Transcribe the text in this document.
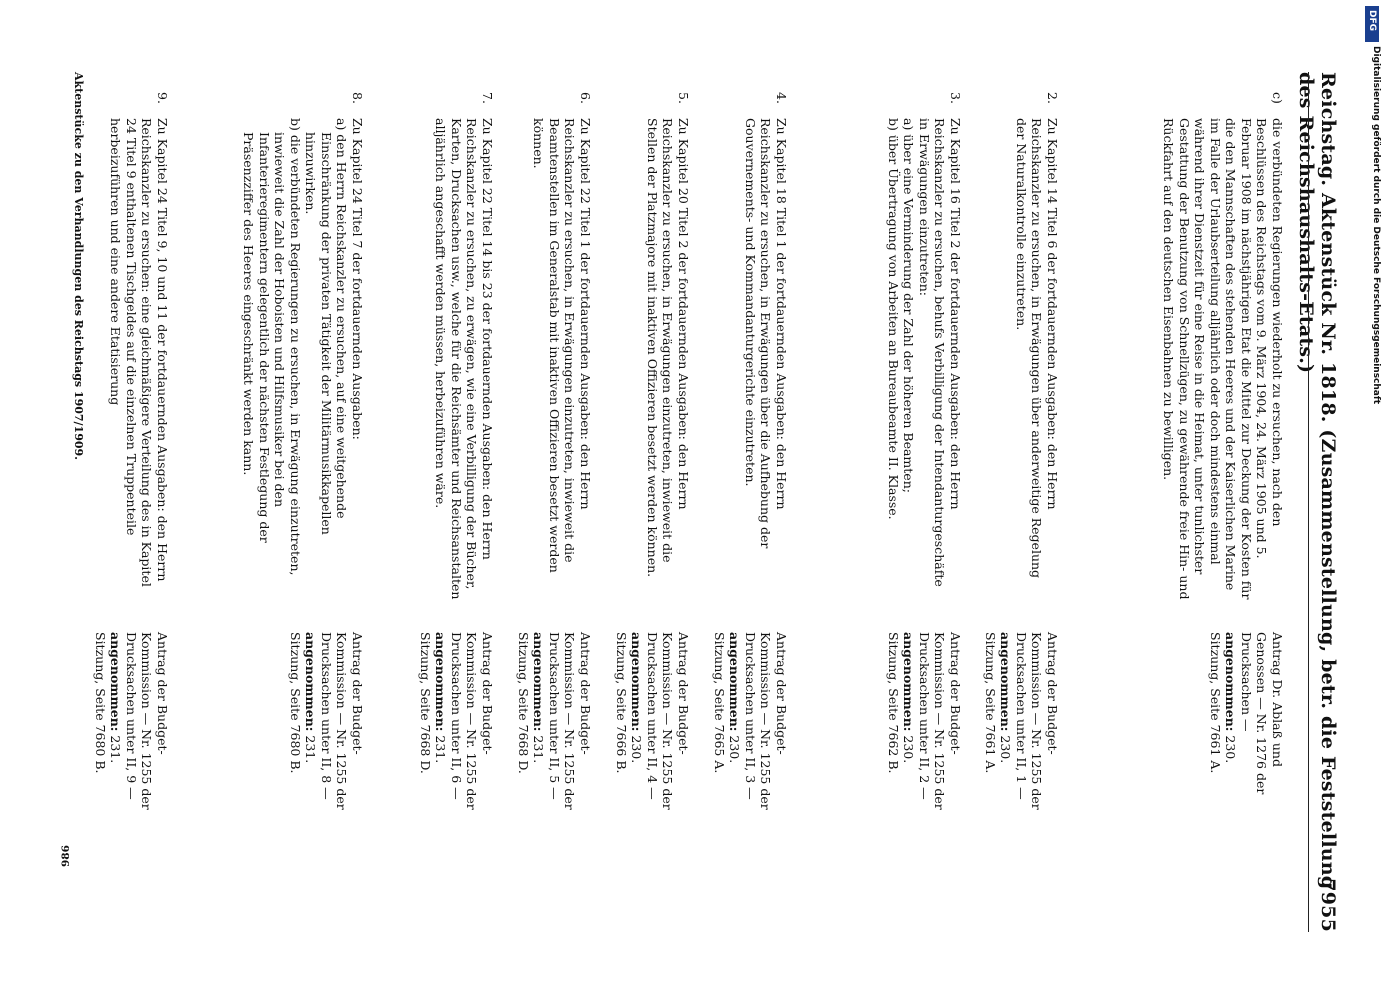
DFG
Digitalisierung gefördert durch die Deutsche Forschungsgemeinschaft
Reichstag. Aktenstück Nr. 1818. (Zusammenstellung, betr. die Feststellung des Reichshaushalts-Etats.)
7955
c)
die verbündeten Regierungen wiederholt zu ersuchen, nach den Beschlüssen des Reichstags vom 9. März 1904, 24. März 1905 und 5. Februar 1908 im nächstjährigen Etat die Mittel zur Deckung der Kosten für die den Mannschaften des stehenden Heeres und der Kaiserlichen Marine im Falle der Urlaubserteilung alljährlich oder doch mindestens einmal während ihrer Dienstzeit für eine Reise in die Heimat, unter tunlichster Gestattung der Benutzung von Schnellzügen, zu gewährende freie Hin- und Rückfahrt auf den deutschen Eisenbahnen zu bewilligen.
2.
Zu Kapitel 14 Titel 6 der fortdauernden Ausgaben: den Herrn Reichskanzler zu ersuchen, in Erwägungen über anderweitige Regelung der Naturalkontrolle einzutreten.
3.
Zu Kapitel 16 Titel 2 der fortdauernden Ausgaben: den Herrn Reichskanzler zu ersuchen, behufs Verbilligung der Intendanturgeschäfte in Erwägungen einzutreten:
a) über eine Verminderung der Zahl der höheren Beamten;
b) über Übertragung von Arbeiten an Bureaubeamte II. Klasse.
4.
Zu Kapitel 18 Titel 1 der fortdauernden Ausgaben: den Herrn Reichskanzler zu ersuchen, in Erwägungen über die Aufhebung der Gouvernements- und Kommandanturgerichte einzutreten.
5.
Zu Kapitel 20 Titel 2 der fortdauernden Ausgaben: den Herrn Reichskanzler zu ersuchen, in Erwägungen einzutreten, inwieweit die Stellen der Platzmajore mit inaktiven Offizieren besetzt werden können.
6.
Zu Kapitel 22 Titel 1 der fortdauernden Ausgaben: den Herrn Reichskanzler zu ersuchen, in Erwägungen einzutreten, inwieweit die Beamtenstellen im Generalstab mit inaktiven Offizieren besetzt werden können.
7.
Zu Kapitel 22 Titel 14 bis 23 der fortdauernden Ausgaben: den Herrn Reichskanzler zu ersuchen, zu erwägen, wie eine Verbilligung der Bücher, Karten, Drucksachen usw., welche für die Reichsämter und Reichsanstalten alljährlich angeschafft werden müssen, herbeizuführen wäre.
8.
Zu Kapitel 24 Titel 7 der fortdauernden Ausgaben:
a) den Herrn Reichskanzler zu ersuchen, auf eine weitgehende Einschränkung der privaten Tätigkeit der Militärmusikkapellen hinzuwirken.
b) die verbündeten Regierungen zu ersuchen, in Erwägung einzutreten, inwieweit die Zahl der Hoboisten und Hilfsmusiker bei den Infanterieregimentern gelegentlich der nächsten Festlegung der Präsenzziffer des Heeres eingeschränkt werden kann.
9.
Zu Kapitel 24 Titel 9, 10 und 11 der fortdauernden Ausgaben: den Herrn Reichskanzler zu ersuchen: eine gleichmäßigere Verteilung des in Kapitel 24 Titel 9 enthaltenen Tischgeldes auf die einzelnen Truppenteile herbeizuführen und eine andere Etatisierung
Antrag Dr. Ablaß und Genossen — Nr. 1276 der Drucksachen — angenommen: 230. Sitzung, Seite 7661 A.
Antrag der Budget-Kommission — Nr. 1255 der Drucksachen unter II, 1 — angenommen: 230. Sitzung, Seite 7661 A.
Antrag der Budget-Kommission — Nr. 1255 der Drucksachen unter II, 2 — angenommen: 230. Sitzung, Seite 7662 B.
Antrag der Budget-Kommission — Nr. 1255 der Drucksachen unter II, 3 — angenommen: 230. Sitzung, Seite 7665 A.
Antrag der Budget-Kommission — Nr. 1255 der Drucksachen unter II, 4 — angenommen: 230. Sitzung, Seite 7666 B.
Antrag der Budget-Kommission — Nr. 1255 der Drucksachen unter II, 5 — angenommen: 231. Sitzung, Seite 7668 D.
Antrag der Budget-Kommission — Nr. 1255 der Drucksachen unter II, 6 — angenommen: 231. Sitzung, Seite 7668 D.
Antrag der Budget-Kommission — Nr. 1255 der Drucksachen unter II, 8 — angenommen: 231. Sitzung, Seite 7680 B.
Antrag der Budget-Kommission — Nr. 1255 der Drucksachen unter II, 9 — angenommen: 231. Sitzung, Seite 7680 B.
986
Aktenstücke zu den Verhandlungen des Reichstags 1907/1909.
